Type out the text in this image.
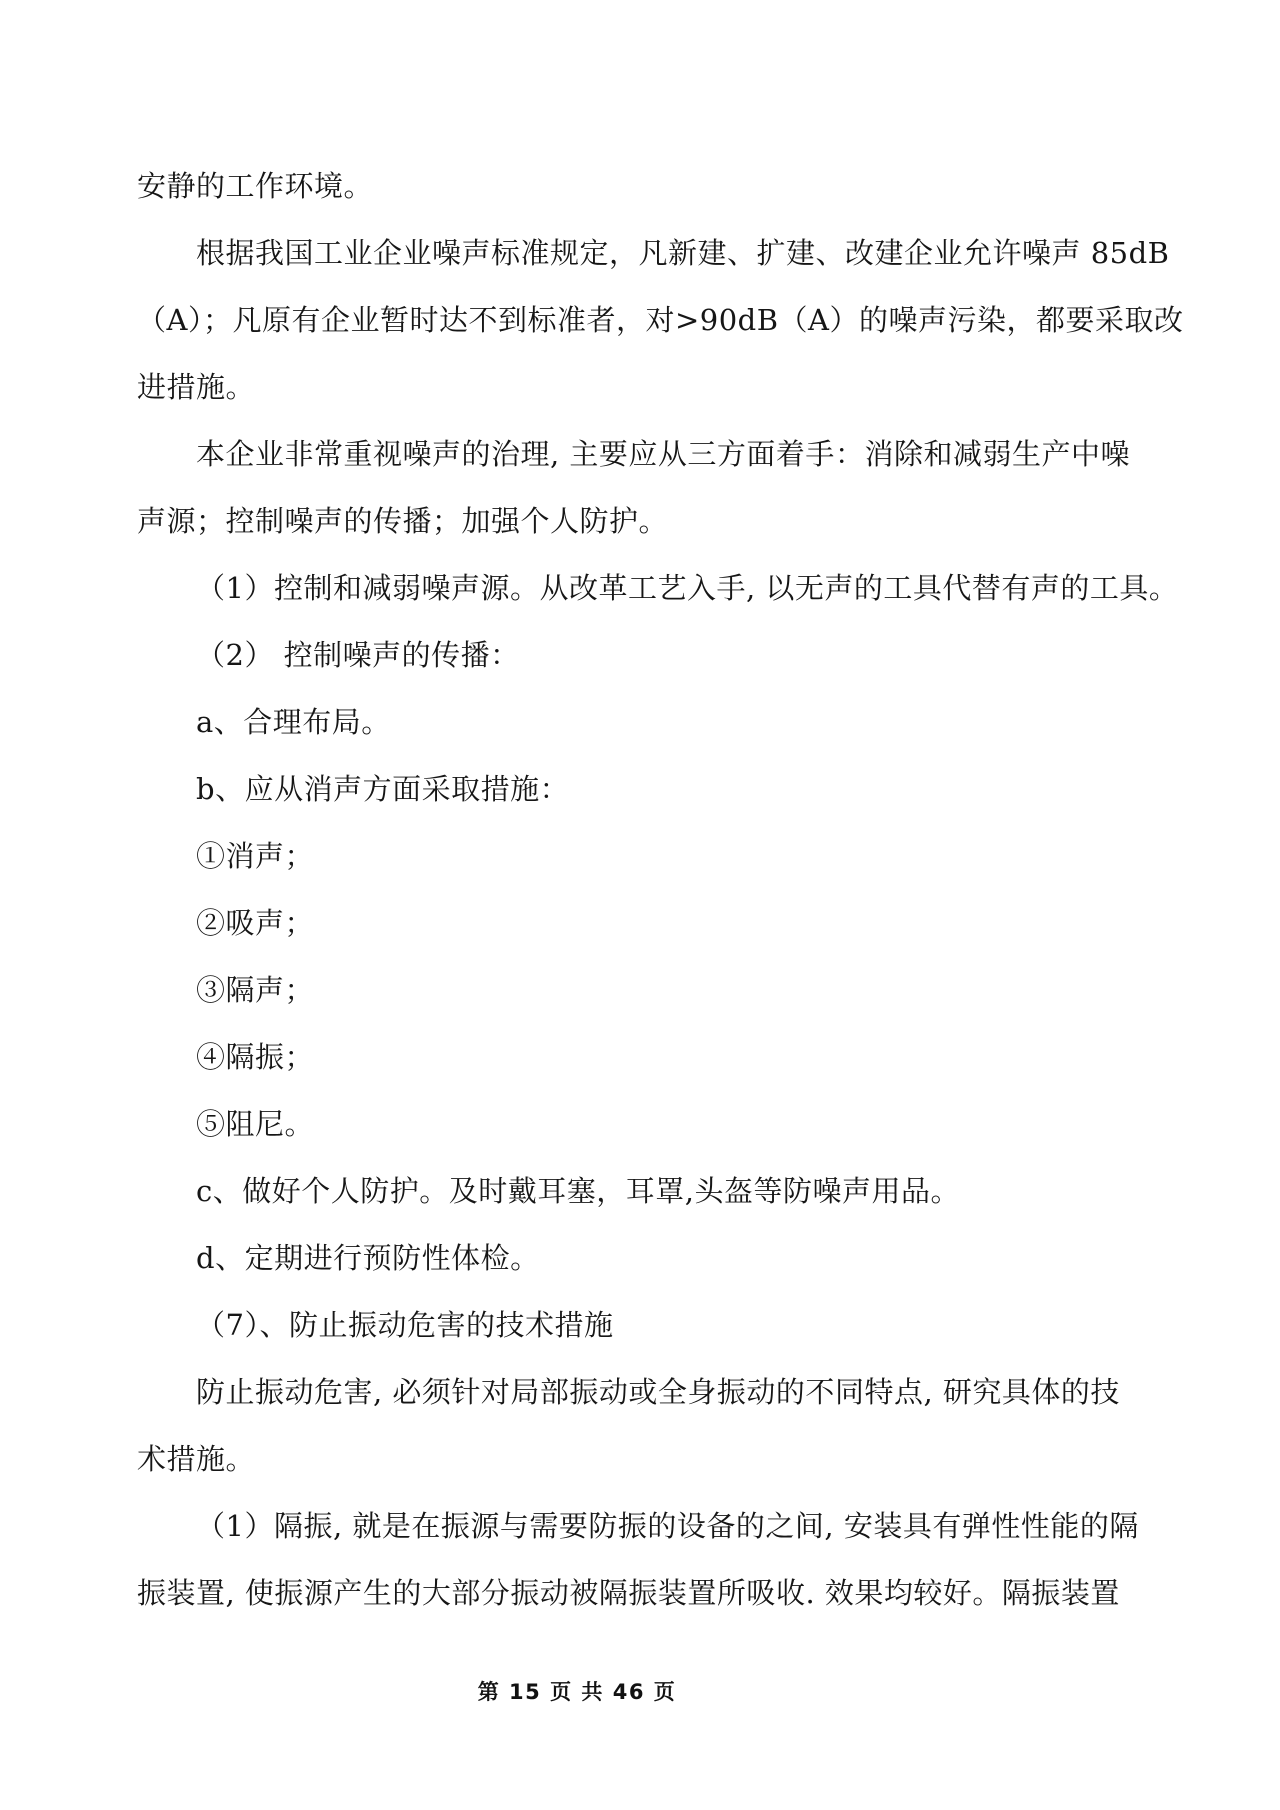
安静的工作环境。
根据我国工业企业噪声标准规定，凡新建、扩建、改建企业允许噪声 85dB
（A）；凡原有企业暂时达不到标准者，对>90dB（A）的噪声污染，都要采取改
进措施。
本企业非常重视噪声的治理, 主要应从三方面着手：消除和减弱生产中噪
声源；控制噪声的传播；加强个人防护。
（1）控制和减弱噪声源。从改革工艺入手, 以无声的工具代替有声的工具。
（2） 控制噪声的传播：
a、合理布局。
b、应从消声方面采取措施：
①消声；
②吸声；
③隔声；
④隔振；
⑤阻尼。
c、做好个人防护。及时戴耳塞，耳罩,头盔等防噪声用品。
d、定期进行预防性体检。
（7）、防止振动危害的技术措施
防止振动危害, 必须针对局部振动或全身振动的不同特点, 研究具体的技
术措施。
（1）隔振, 就是在振源与需要防振的设备的之间, 安装具有弹性性能的隔
振装置, 使振源产生的大部分振动被隔振装置所吸收. 效果均较好。隔振装置
第 15 页 共 46 页
